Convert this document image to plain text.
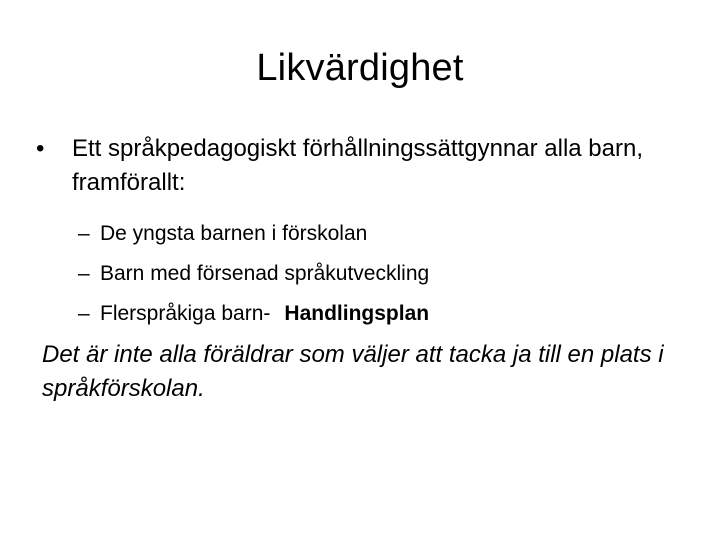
Likvärdighet
•	Ett språkpedagogiskt förhållningssättgynnar alla barn, framförallt:
– De yngsta barnen i förskolan
– Barn med försenad språkutveckling
– Flerspråkiga barn- Handlingsplan
Det är inte alla föräldrar som väljer att tacka ja till en plats i språkförskolan.
